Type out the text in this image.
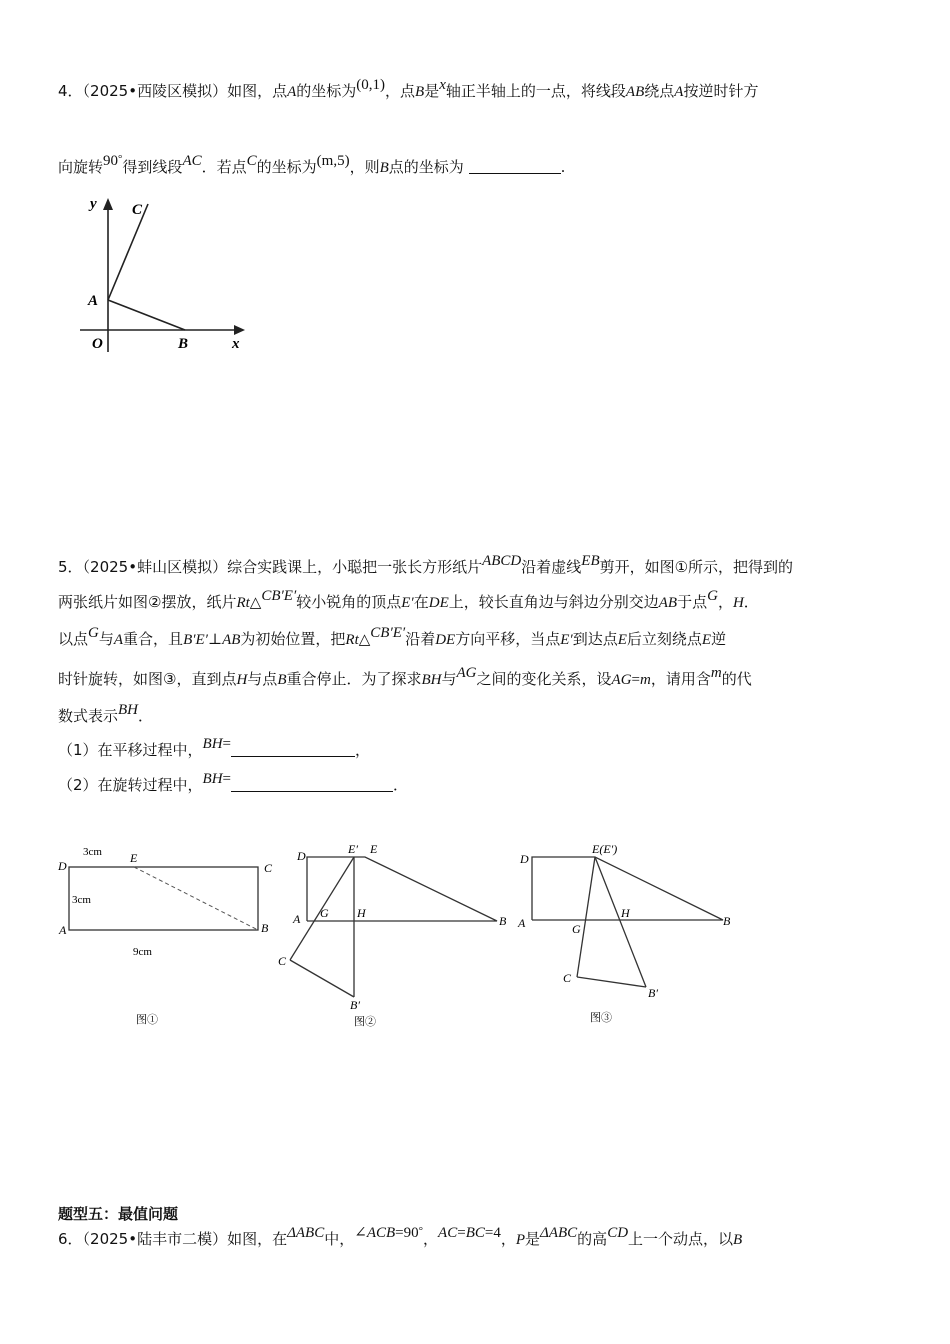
4．（2025•西陵区模拟）如图，点A的坐标为(0,1)，点B是x轴正半轴上的一点，将线段AB绕点A按逆时针方
向旋转90°得到线段AC．若点C的坐标为(m,5)，则B点的坐标为	.
y C
A
O	B	x
5．（2025•蚌山区模拟）综合实践课上，小聪把一张长方形纸片ABCD沿着虚线EB剪开，如图①所示，把得到的
两张纸片如图②摆放，纸片Rt△CB′E′较小锐角的顶点E′在DE上，较长直角边与斜边分别交边AB于点G，H．
以点G与A重合，且B′E′⊥AB为初始位置，把Rt△CB′E′沿着DE方向平移，当点E′到达点E后立刻绕点E逆
时针旋转，如图③，直到点H与点B重合停止．为了探求BH与AG之间的变化关系，设AG=m，请用含m的代
数式表示BH．
（1）在平移过程中，BH=	，
（2）在旋转过程中，BH=	．
3cm
3cm
9cm
D
E
C
A	B
图①
D	E′ E
A G H
B
C
B′
图②
D
E(E′)
A	G
H
B
C
B′
图③
题型五：最值问题
6．（2025•陆丰市二模）如图，在ΔABC中，∠ACB=90°，AC=BC=4，P是ΔABC的高CD上一个动点，以B
